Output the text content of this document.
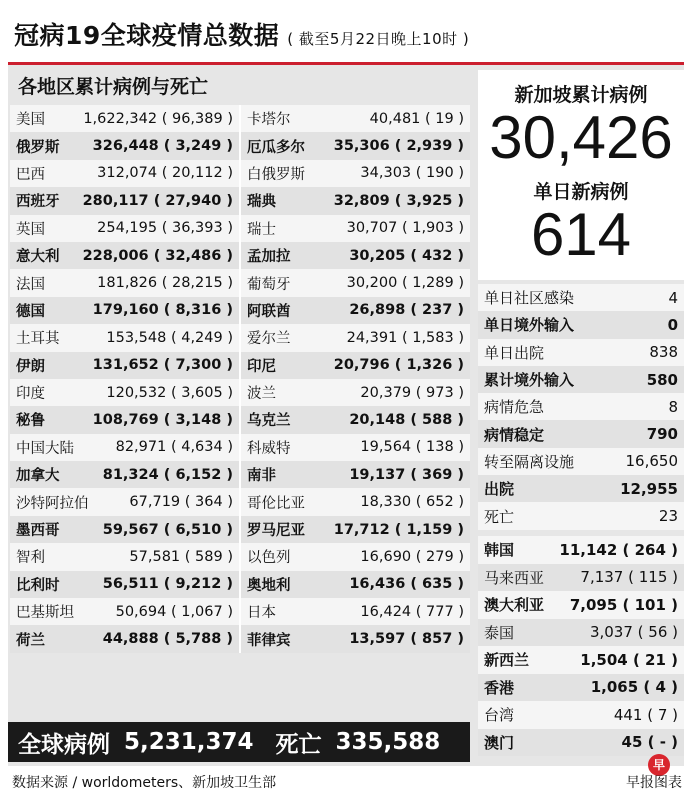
冠病19全球疫情总数据 ( 截至5月22日晚上10时 )
各地区累计病例与死亡
美国	1,622,342 ( 96,389 ) 卡塔尔	40,481 ( 19 )
俄罗斯 326,448 ( 3,249 ) 厄瓜多尔 35,306 ( 2,939 )
巴西	312,074 ( 20,112 ) 白俄罗斯	34,303 ( 190 )
西班牙 280,117 ( 27,940 ) 瑞典	32,809 ( 3,925 )
英国	254,195 ( 36,393 ) 瑞士	30,707 ( 1,903 )
意大利 228,006 ( 32,486 ) 孟加拉	30,205 ( 432 )
法国	181,826 ( 28,215 ) 葡萄牙	30,200 ( 1,289 )
德国	179,160 ( 8,316 ) 阿联酋	26,898 ( 237 )
土耳其	153,548 ( 4,249 ) 爱尔兰	24,391 ( 1,583 )
伊朗	131,652 ( 7,300 ) 印尼	20,796 ( 1,326 )
印度	120,532 ( 3,605 ) 波兰	20,379 ( 973 )
秘鲁	108,769 ( 3,148 ) 乌克兰	20,148 ( 588 )
中国大陆	82,971 ( 4,634 ) 科威特	19,564 ( 138 )
加拿大	81,324 ( 6,152 ) 南非	19,137 ( 369 )
沙特阿拉伯	67,719 ( 364 ) 哥伦比亚	18,330 ( 652 )
墨西哥	59,567 ( 6,510 ) 罗马尼亚 17,712 ( 1,159 )
智利	57,581 ( 589 ) 以色列	16,690 ( 279 )
比利时	56,511 ( 9,212 ) 奥地利	16,436 ( 635 )
巴基斯坦	50,694 ( 1,067 ) 日本	16,424 ( 777 )
荷兰	44,888 ( 5,788 ) 菲律宾	13,597 ( 857 )
全球病例 5,231,374 死亡 335,588
新加坡累计病例
30,426
单日新病例
614
单日社区感染	4
单日境外输入	0
单日出院	838
累计境外输入	580
病情危急	8
病情稳定	790
转至隔离设施	16,650
出院	12,955
死亡	23
韩国	11,142 ( 264 )
马来西亚 7,137 ( 115 )
澳大利亚 7,095 ( 101 )
泰国	3,037 ( 56 )
新西兰	1,504 ( 21 )
香港	1,065 ( 4 )
台湾	441 ( 7 )
澳门	45 ( - )
数据来源 / worldometers、新加坡卫生部
早
早报图表
